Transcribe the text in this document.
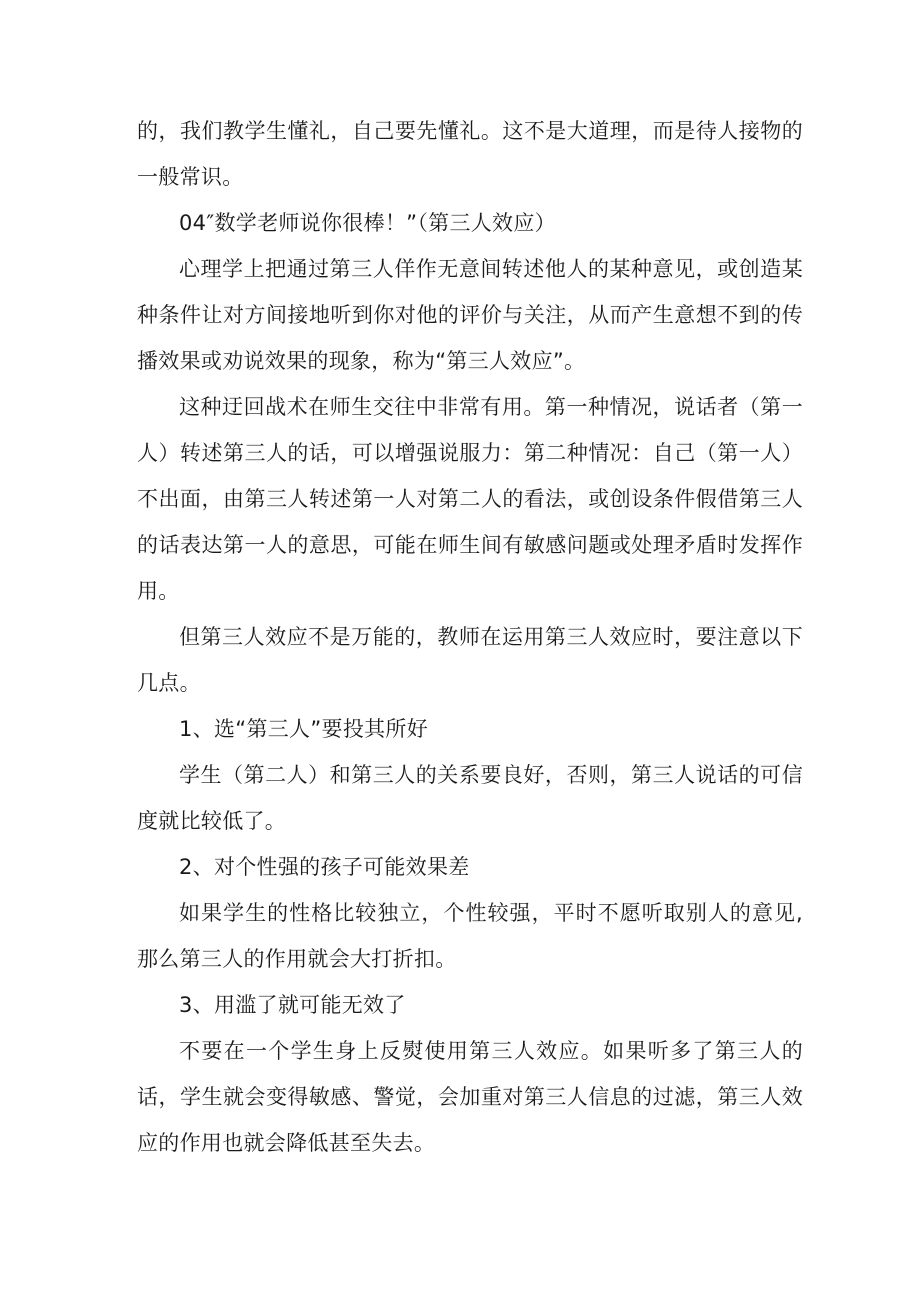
的，我们教学生懂礼，自己要先懂礼。这不是大道理，而是待人接物的一般常识。

04″数学老师说你很棒！”（第三人效应）

心理学上把通过第三人佯作无意间转述他人的某种意见，或创造某种条件让对方间接地听到你对他的评价与关注，从而产生意想不到的传播效果或劝说效果的现象，称为“第三人效应”。

这种迂回战术在师生交往中非常有用。第一种情况，说话者（第一人）转述第三人的话，可以增强说服力：第二种情况：自己（第一人）不出面，由第三人转述第一人对第二人的看法，或创设条件假借第三人的话表达第一人的意思，可能在师生间有敏感问题或处理矛盾时发挥作用。

但第三人效应不是万能的，教师在运用第三人效应时，要注意以下几点。

1、选“第三人”要投其所好

学生（第二人）和第三人的关系要良好，否则，第三人说话的可信度就比较低了。

2、对个性强的孩子可能效果差

如果学生的性格比较独立，个性较强，平时不愿听取别人的意见,那么第三人的作用就会大打折扣。

3、用滥了就可能无效了

不要在一个学生身上反熨使用第三人效应。如果听多了第三人的话，学生就会变得敏感、警觉，会加重对第三人信息的过滤，第三人效应的作用也就会降低甚至失去。
